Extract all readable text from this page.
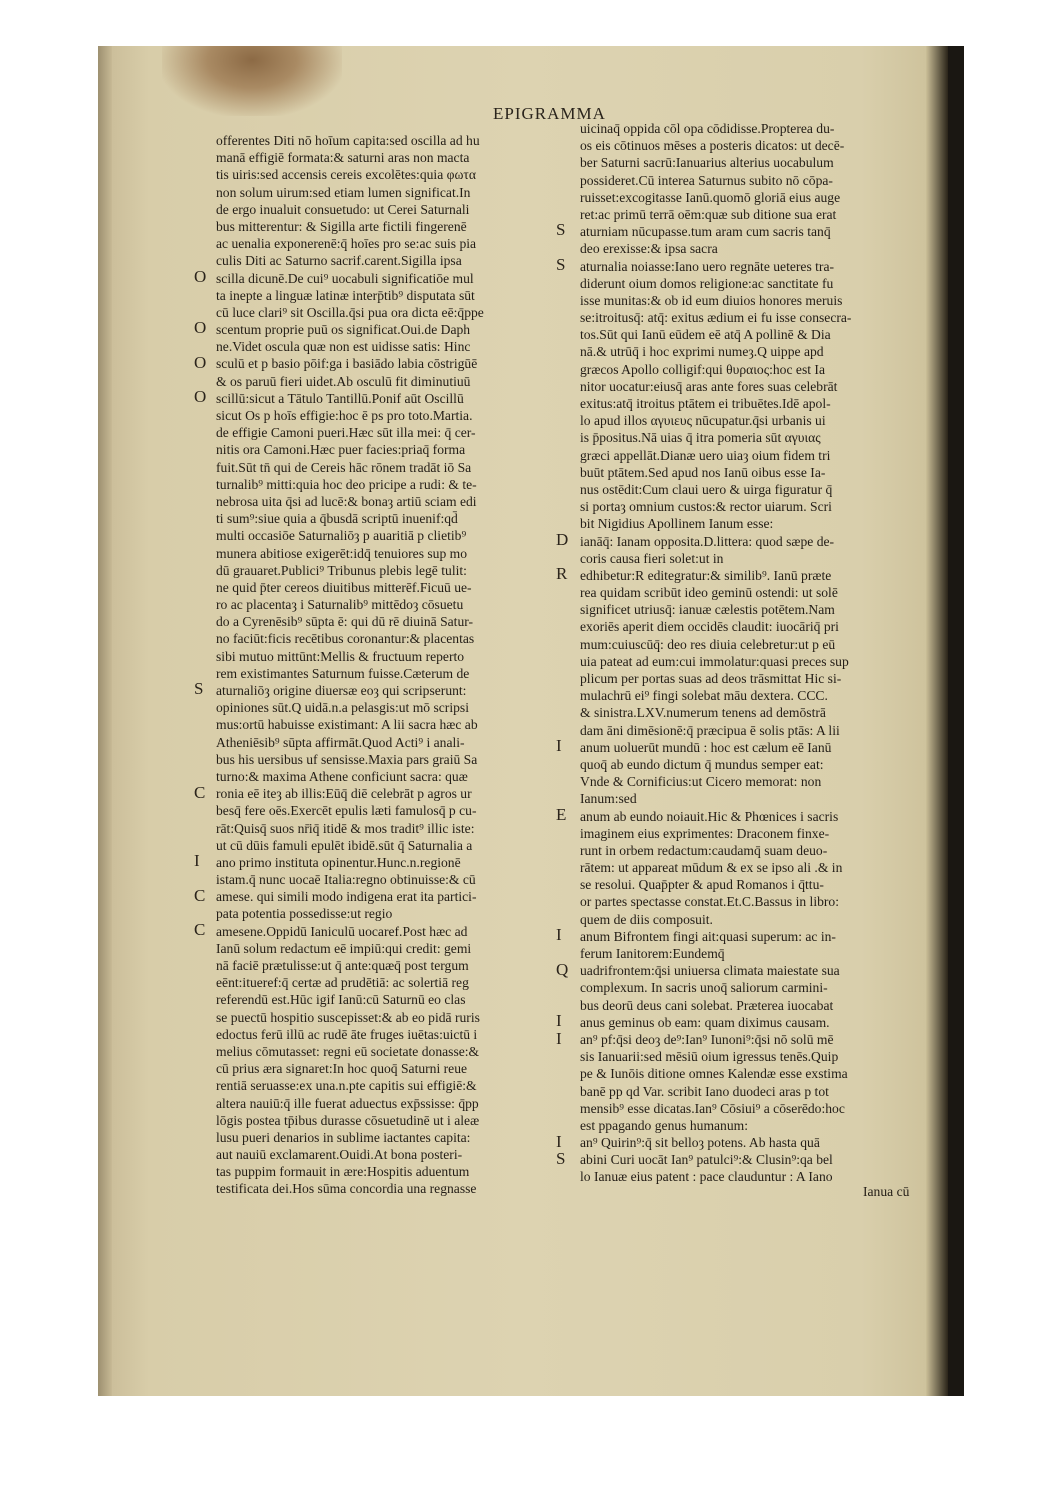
EPIGRAMMA
offerentes Diti nō hoīum capita:sed oscilla ad hu
manā effigiē formata:& saturni aras non macta
tis uiris:sed accensis cereis excolētes:quia φωτα
non solum uirum:sed etiam lumen significat.In
de ergo inualuit consuetudo: ut Cerei Saturnali
bus mitterentur: & Sigilla arte fictili fingerenē
ac uenalia exponerenē:q̄ hoīes pro se:ac suis pia
culis Diti ac Saturno sacrif.carent.Sigilla ipsa
scilla dicunē.De cui⁹ uocabuli significatiōe mul
ta inepte a linguæ latinæ interp̄tib⁹ disputata sūt
cū luce clari⁹ sit Oscilla.q̄si pua ora dicta eē:q̄ppe
scentum proprie puū os significat.Oui.de Daph
ne.Videt oscula quæ non est uidisse satis: Hinc
sculū et p basio pōif:ga i basiādo labia cōstrigūē
& os paruū fieri uidet.Ab osculū fit diminutiuū
scillū:sicut a Tātulo Tantillū.Ponif aūt Oscillū
sicut Os p hoīs effigie:hoc ē ps pro toto.Martia.
de effigie Camoni pueri.Hæc sūt illa mei: q̄ cer-
nitis ora Camoni.Hæc puer facies:priaq̄ forma
fuit.Sūt tn̄ qui de Cereis hāc rōnem tradāt iō Sa
turnalib⁹ mitti:quia hoc deo pricipe a rudi: & te-
nebrosa uita q̄si ad lucē:& bonaȝ artiū sciam edi
ti sum⁹:siue quia a q̄busdā scriptū inuenif:qd̄
multi occasiōe Saturnaliōȝ p auaritiā p clietib⁹
munera abitiose exigerēt:idq̄ tenuiores sup mo
dū grauaret.Publici⁹ Tribunus plebis legē tulit:
ne quid p̄ter cereos diuitibus mitterēf.Ficuū ue-
ro ac placentaȝ i Saturnalib⁹ mittēdoȝ cōsuetu
do a Cyrenēsib⁹ sūpta ē: qui dū rē diuinā Satur-
no faciūt:ficis recētibus coronantur:& placentas
sibi mutuo mittūnt:Mellis & fructuum reperto
rem existimantes Saturnum fuisse.Cæterum de
aturnaliōȝ origine diuersæ eoȝ qui scripserunt:
opiniones sūt.Q uidā.n.a pelasgis:ut mō scripsi
mus:ortū habuisse existimant: A lii sacra hæc ab
Atheniēsib⁹ sūpta affirmāt.Quod Acti⁹ i anali-
bus his uersibus uf sensisse.Maxia pars graiū Sa
turno:& maxima Athene conficiunt sacra: quæ
ronia eē iteȝ ab illis:Eūq̄ diē celebrāt p agros ur
besq̄ fere oēs.Exercēt epulis læti famulosq̄ p cu-
rāt:Quisq̄ suos nr̄iq̄ itidē & mos tradit⁹ illic iste:
ut cū dūis famuli epulēt ibidē.sūt q̄ Saturnalia a
ano primo instituta opinentur.Hunc.n.regionē
istam.q̄ nunc uocaē Italia:regno obtinuisse:& cū
amese. qui simili modo indigena erat ita partici-
pata potentia possedisse:ut regio
amesene.Oppidū Ianiculū uocaref.Post hæc ad
Ianū solum redactum eē impiū:qui credit: gemi
nā faciē prætulisse:ut q̄ ante:quæq̄ post tergum
eēnt:itueref:q̄ certæ ad prudētiā: ac solertiā reg
referendū est.Hūc igif Ianū:cū Saturnū eo clas
se puectū hospitio suscepisset:& ab eo pidā ruris
edoctus ferū illū ac rudē āte fruges iuētas:uictū i
melius cōmutasset: regni eū societate donasse:&
cū prius æra signaret:In hoc quoq̄ Saturni reue
rentiā seruasse:ex una.n.pte capitis sui effigiē:&
altera nauiū:q̄ ille fuerat aduectus exp̄ssisse: q̄pp
lōgis postea tp̄ibus durasse cōsuetudinē ut i aleæ
lusu pueri denarios in sublime iactantes capita:
aut nauiū exclamarent.Ouidi.At bona posteri-
tas puppim formauit in ære:Hospitis aduentum
testificata dei.Hos sūma concordia una regnasse
O
O
O
O
S
C
I
C
C
uicinaq̄ oppida cōl opa cōdidisse.Propterea du-
os eis cōtinuos mēses a posteris dicatos: ut decē-
ber Saturni sacrū:Ianuarius alterius uocabulum
possideret.Cū interea Saturnus subito nō cōpa-
ruisset:excogitasse Ianū.quomō gloriā eius auge
ret:ac primū terrā oēm:quæ sub ditione sua erat
aturniam nūcupasse.tum aram cum sacris tanq̄
deo erexisse:& ipsa sacra
aturnalia noiasse:Iano uero regnāte ueteres tra-
diderunt oium domos religione:ac sanctitate fu
isse munitas:& ob id eum diuios honores meruis
se:itroitusq̄: atq̄: exitus ædium ei fu isse consecra-
tos.Sūt qui Ianū eūdem eē atq̄ A pollinē & Dia
nā.& utrūq̄ i hoc exprimi numeȝ.Q uippe apd
græcos Apollo colligif:qui θυραιος:hoc est Ia
nitor uocatur:eiusq̄ aras ante fores suas celebrāt
exitus:atq̄ itroitus ptātem ei tribuētes.Idē apol-
lo apud illos αγυιευς nūcupatur.q̄si urbanis ui
is p̄positus.Nā uias q̄ itra pomeria sūt αγυιας
græci appellāt.Dianæ uero uiaȝ oium fidem tri
buūt ptātem.Sed apud nos Ianū oibus esse Ia-
nus ostēdit:Cum claui uero & uirga figuratur q̄
si portaȝ omnium custos:& rector uiarum. Scri
bit Nigidius Apollinem Ianum esse:
ianāq̄: Ianam opposita.D.littera: quod sæpe de-
coris causa fieri solet:ut in
edhibetur:R editegratur:& similib⁹. Ianū præte
rea quidam scribūt ideo geminū ostendi: ut solē
significet utriusq̄: ianuæ cælestis potētem.Nam
exoriēs aperit diem occidēs claudit: iuocāriq̄ pri
mum:cuiuscūq̄: deo res diuia celebretur:ut p eū
uia pateat ad eum:cui immolatur:quasi preces sup
plicum per portas suas ad deos trāsmittat Hic si-
mulachrū ei⁹ fingi solebat māu dextera. CCC.
& sinistra.LXV.numerum tenens ad demōstrā
dam āni dimēsionē:q̄ præcipua ē solis ptās: A lii
anum uoluerūt mundū : hoc est cælum eē Ianū
quoq̄ ab eundo dictum q̄ mundus semper eat:
Vnde & Cornificius:ut Cicero memorat: non
Ianum:sed
anum ab eundo noiauit.Hic & Phœnices i sacris
imaginem eius exprimentes: Draconem finxe-
runt in orbem redactum:caudamq̄ suam deuo-
rātem: ut appareat mūdum & ex se ipso ali .& in
se resolui. Quap̄pter & apud Romanos i q̄ttu-
or partes spectasse constat.Et.C.Bassus in libro:
quem de diis composuit.
anum Bifrontem fingi ait:quasi superum: ac in-
ferum Ianitorem:Eundemq̄
uadrifrontem:q̄si uniuersa climata maiestate sua
complexum. In sacris unoq̄ saliorum carmini-
bus deorū deus cani solebat. Præterea iuocabat
anus geminus ob eam: quam diximus causam.
an⁹ pf:q̄si deoȝ de⁹:Ian⁹ Iunoni⁹:q̄si nō solū mē
sis Ianuarii:sed mēsiū oium igressus tenēs.Quip
pe & Iunōis ditione omnes Kalendæ esse exstima
banē pp qd Var. scribit Iano duodeci aras p tot
mensib⁹ esse dicatas.Ian⁹ Cōsiui⁹ a cōserēdo:hoc
est ppagando genus humanum:
an⁹ Quirin⁹:q̄ sit belloȝ potens. Ab hasta quā
abini Curi uocāt Ian⁹ patulci⁹:& Clusin⁹:qa bel
lo Ianuæ eius patent : pace clauduntur : A Iano
S
S
D
R
I
E
I
Q
I
I
I
S
Ianua cū
